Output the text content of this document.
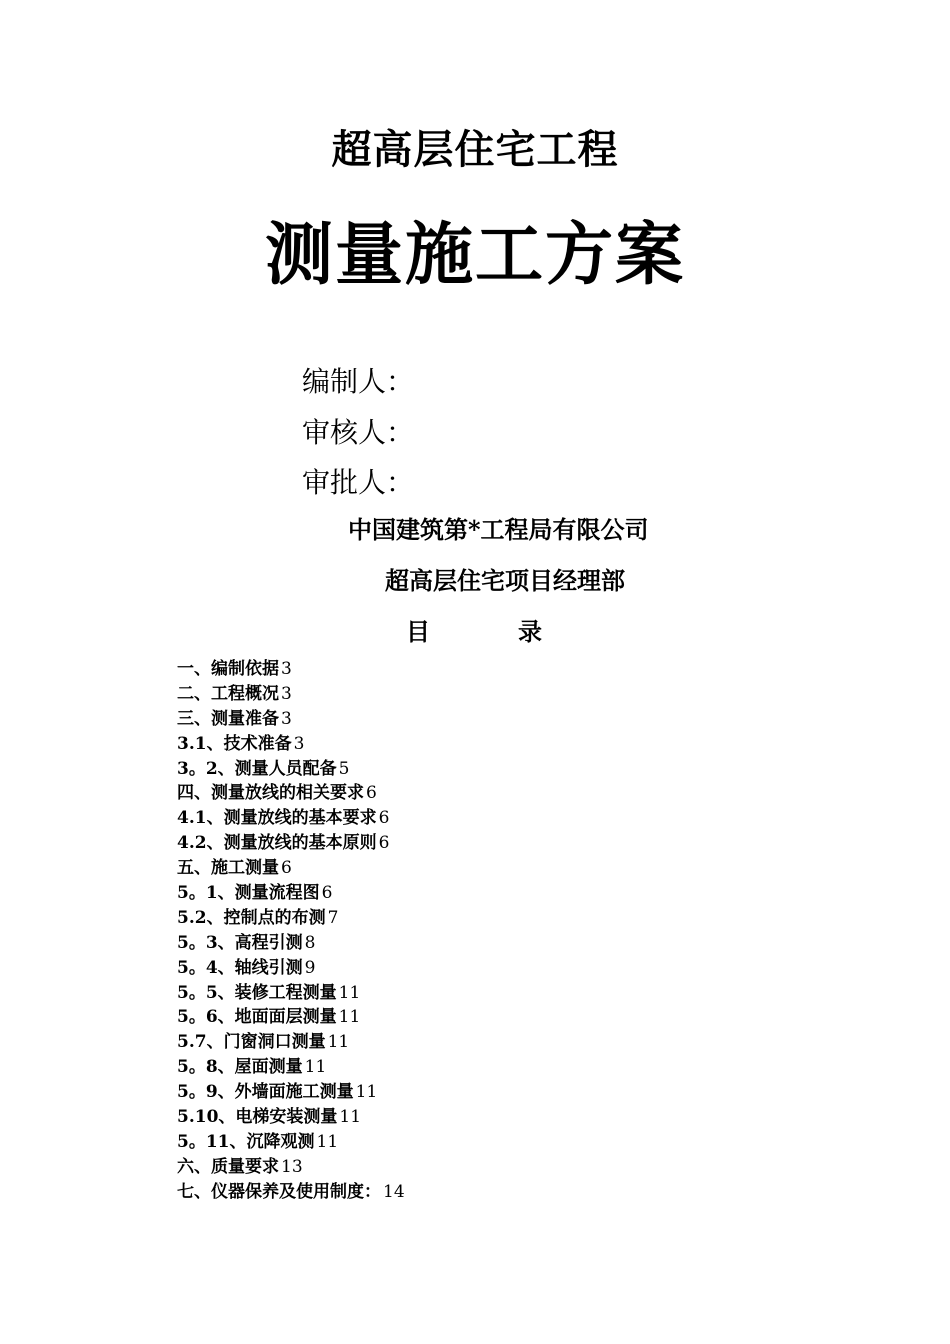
超高层住宅工程
测量施工方案
编制人：
审核人：
审批人：
中国建筑第*工程局有限公司
超高层住宅项目经理部
目	录
一、编制依据 3
二、工程概况 3
三、测量准备 3
3.1、技术准备 3
3。2、测量人员配备 5
四、测量放线的相关要求 6
4.1、测量放线的基本要求 6
4.2、测量放线的基本原则 6
五、施工测量 6
5。1、测量流程图 6
5.2、控制点的布测 7
5。3、高程引测 8
5。4、轴线引测 9
5。5、装修工程测量 11
5。6、地面面层测量 11
5.7、门窗洞口测量 11
5。8、屋面测量 11
5。9、外墙面施工测量 11
5.10、电梯安装测量 11
5。11、沉降观测 11
六、质量要求 13
七、仪器保养及使用制度： 14
